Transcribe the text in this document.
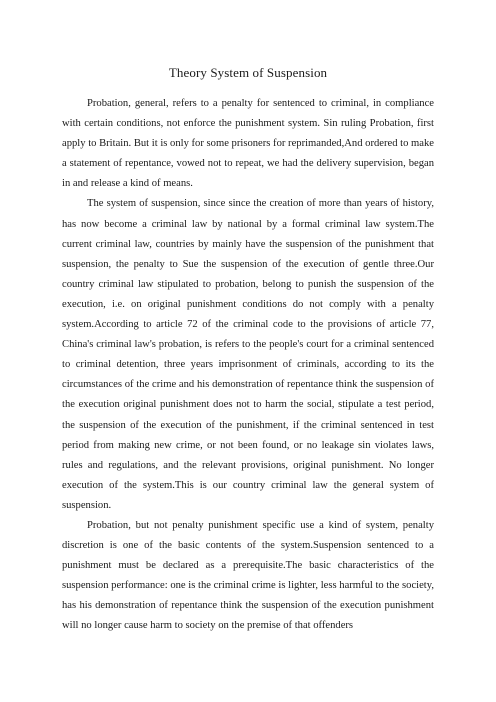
Theory System of Suspension

Probation, general, refers to a penalty for sentenced to criminal, in compliance with certain conditions, not enforce the punishment system. Sin ruling Probation, first apply to Britain. But it is only for some prisoners for reprimanded,And ordered to make a statement of repentance, vowed not to repeat, we had the delivery supervision, began in and release a kind of means.

The system of suspension, since since the creation of more than years of history, has now become a criminal law by national by a formal criminal law system.The current criminal law, countries by mainly have the suspension of the punishment that suspension, the penalty to Sue the suspension of the execution of gentle three.Our country criminal law stipulated to probation, belong to punish the suspension of the execution, i.e. on original punishment conditions do not comply with a penalty system.According to article 72 of the criminal code to the provisions of article 77, China's criminal law's probation, is refers to the people's court for a criminal sentenced to criminal detention, three years imprisonment of criminals, according to its the circumstances of the crime and his demonstration of repentance think the suspension of the execution original punishment does not to harm the social, stipulate a test period, the suspension of the execution of the punishment, if the criminal sentenced in test period from making new crime, or not been found, or no leakage sin violates laws, rules and regulations, and the relevant provisions, original punishment. No longer execution of the system.This is our country criminal law the general system of suspension.

Probation, but not penalty punishment specific use a kind of system, penalty discretion is one of the basic contents of the system.Suspension sentenced to a punishment must be declared as a prerequisite.The basic characteristics of the suspension performance: one is the criminal crime is lighter, less harmful to the society, has his demonstration of repentance think the suspension of the execution punishment will no longer cause harm to society on the premise of that offenders
